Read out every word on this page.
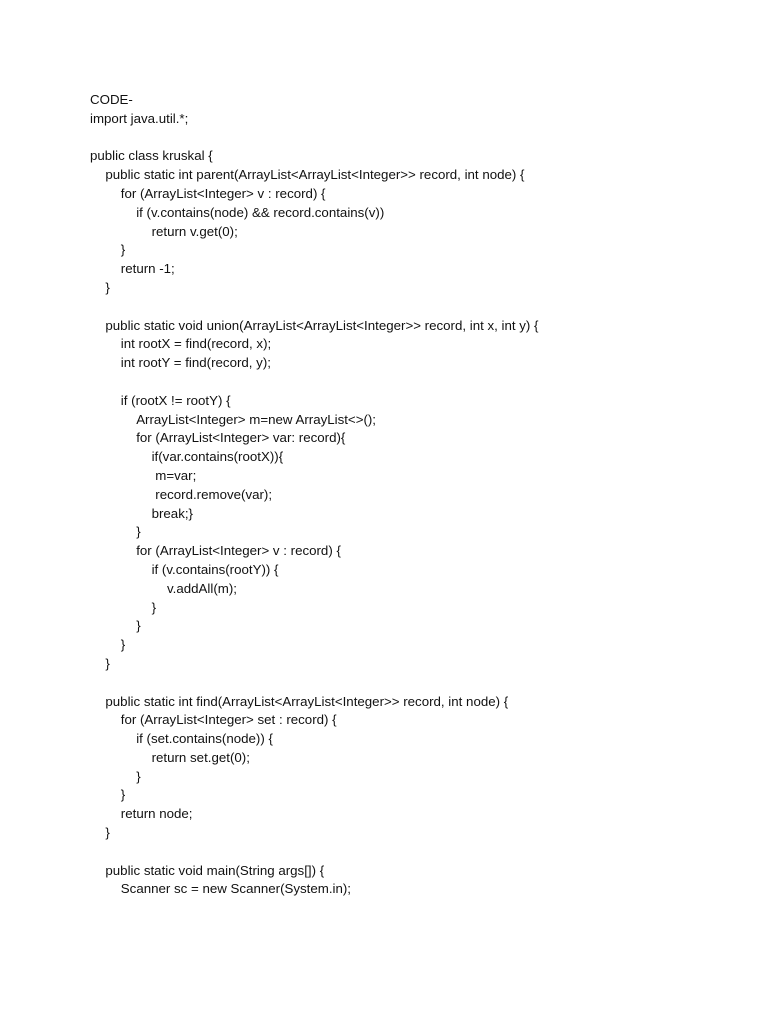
CODE-
import java.util.*;
public class kruskal {
public static int parent(ArrayList<ArrayList<Integer>> record, int node) {
for (ArrayList<Integer> v : record) {
if (v.contains(node) && record.contains(v))
return v.get(0);
}
return -1;
}
public static void union(ArrayList<ArrayList<Integer>> record, int x, int y) {
int rootX = find(record, x);
int rootY = find(record, y);
if (rootX != rootY) {
ArrayList<Integer> m=new ArrayList<>();
for (ArrayList<Integer> var: record){
if(var.contains(rootX)){
m=var;
record.remove(var);
break;}
}
for (ArrayList<Integer> v : record) {
if (v.contains(rootY)) {
v.addAll(m);
}
}
}
}
public static int find(ArrayList<ArrayList<Integer>> record, int node) {
for (ArrayList<Integer> set : record) {
if (set.contains(node)) {
return set.get(0);
}
}
return node;
}
public static void main(String args[]) {
Scanner sc = new Scanner(System.in);
